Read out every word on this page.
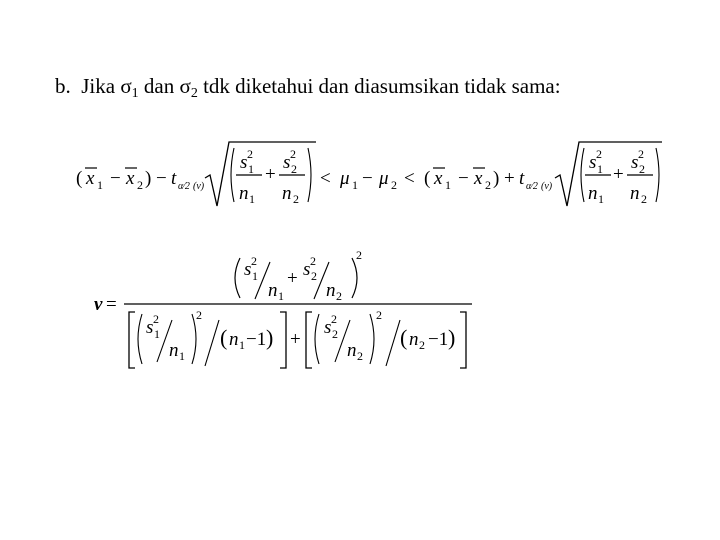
b. Jika $\sigma_1$ dan $\sigma_2$ tdk diketahui dan diasumsikan tidak sama:
( x 1 − x 2 ) − t α⁄2 (ν)
s 2
1
n 1
+
s 2
2
n 2
< μ 1 − μ 2 < ( x 1 − x 2 ) + t α⁄2 (ν)
s 2
1
n 1
+
s 2
2
n 2
v =
2
s 2
1
n 1
+ s 2
2
n 2
2
s 2
1
n 1
( n 1 −1 ) +
2
s 2
2
n 2
( n 2 −1 )
